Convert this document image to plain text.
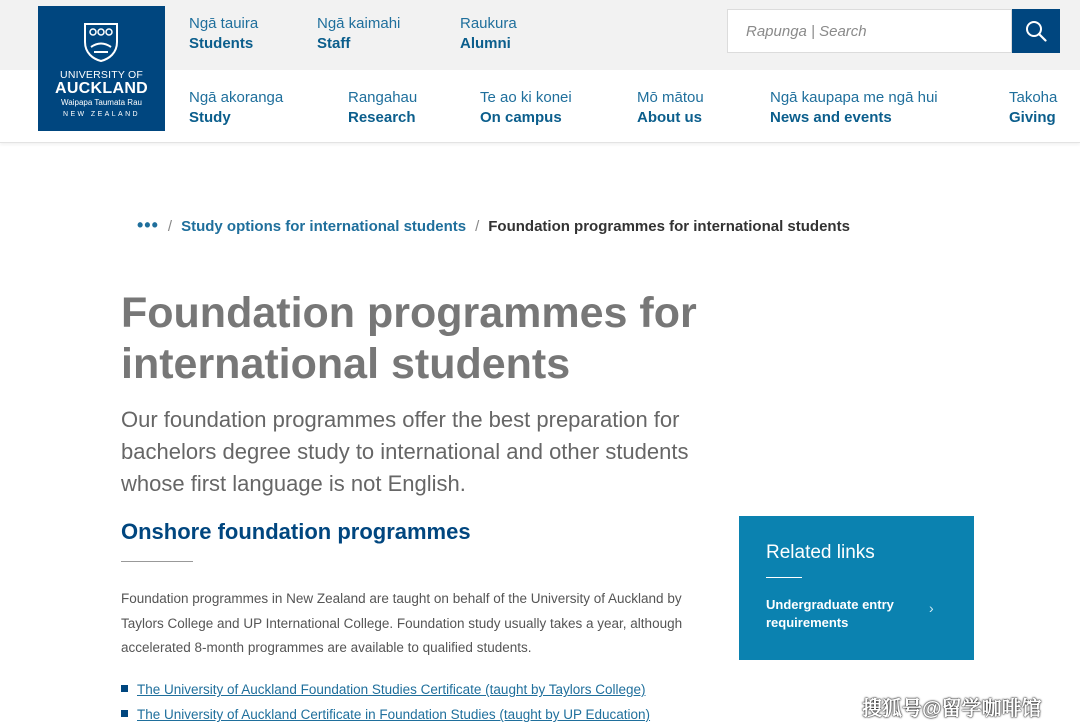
UNIVERSITY OF
AUCKLAND
Waipapa Taumata Rau
NEW ZEALAND
Ngā tauira
Students
Ngā kaimahi
Staff
Raukura
Alumni
Rapunga | Search
Ngā akoranga
Study
Rangahau
Research
Te ao ki konei
On campus
Mō mātou
About us
Ngā kaupapa me ngā hui
News and events
Takoha
Giving
••• / Study options for international students / Foundation programmes for international students
Foundation programmes for international students

Our foundation programmes offer the best preparation for bachelors degree study to international and other students whose first language is not English.

Onshore foundation programmes

Foundation programmes in New Zealand are taught on behalf of the University of Auckland by Taylors College and UP International College. Foundation study usually takes a year, although accelerated 8-month programmes are available to qualified students.

The University of Auckland Foundation Studies Certificate (taught by Taylors College)
The University of Auckland Certificate in Foundation Studies (taught by UP Education)
Related links
Undergraduate entry requirements
›
搜狐号@留学咖啡馆
